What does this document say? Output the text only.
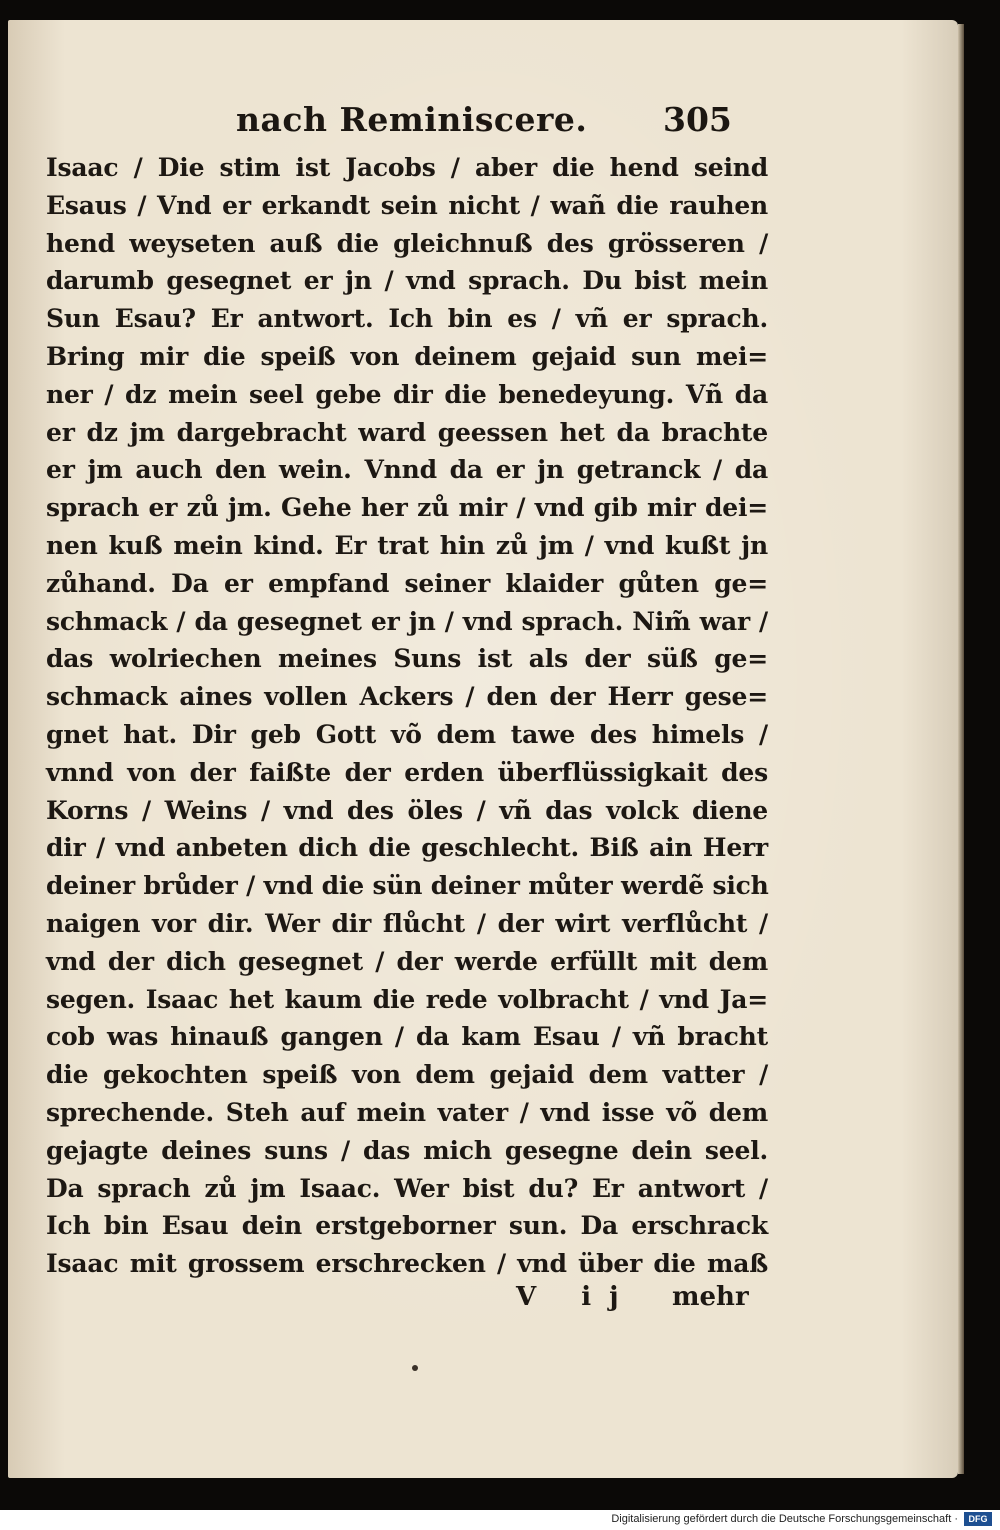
nach Reminiscere. 305
Isaac / Die stim ist Jacobs / aber die hend seind
Esaus / Vnd er erkandt sein nicht / wañ die rauhen
hend weyseten auß die gleichnuß des grösseren /
darumb gesegnet er jn / vnd sprach. Du bist mein
Sun Esau? Er antwort. Ich bin es / vñ er sprach.
Bring mir die speiß von deinem gejaid sun mei=
ner / dz mein seel gebe dir die benedeyung. Vñ da
er dz jm dargebracht ward geessen het da brachte
er jm auch den wein. Vnnd da er jn getranck / da
sprach er zů jm. Gehe her zů mir / vnd gib mir dei=
nen kuß mein kind. Er trat hin zů jm / vnd kußt jn
zůhand. Da er empfand seiner klaider gůten ge=
schmack / da gesegnet er jn / vnd sprach. Nim̃ war /
das wolriechen meines Suns ist als der süß ge=
schmack aines vollen Ackers / den der Herr gese=
gnet hat. Dir geb Gott võ dem tawe des himels /
vnnd von der faißte der erden überflüssigkait des
Korns / Weins / vnd des öles / vñ das volck diene
dir / vnd anbeten dich die geschlecht. Biß ain Herr
deiner brůder / vnd die sün deiner můter werdẽ sich
naigen vor dir. Wer dir flůcht / der wirt verflůcht /
vnd der dich gesegnet / der werde erfüllt mit dem
segen. Isaac het kaum die rede volbracht / vnd Ja=
cob was hinauß gangen / da kam Esau / vñ bracht
die gekochten speiß von dem gejaid dem vatter /
sprechende. Steh auf mein vater / vnd isse võ dem
gejagte deines suns / das mich gesegne dein seel.
Da sprach zů jm Isaac. Wer bist du? Er antwort /
Ich bin Esau dein erstgeborner sun. Da erschrack
Isaac mit grossem erschrecken / vnd über die maß
V ij mehr
Digitalisierung gefördert durch die Deutsche Forschungsgemeinschaft ·	DFG
